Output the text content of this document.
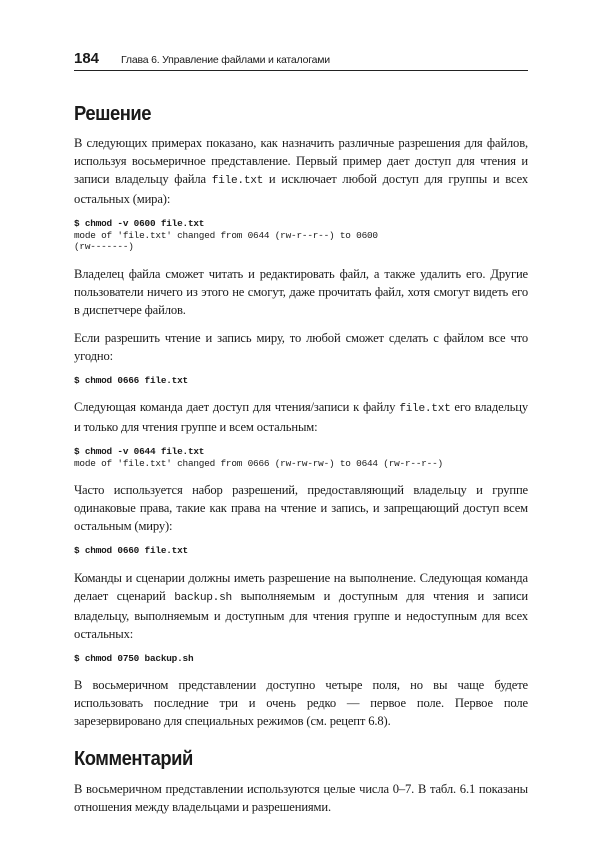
184 Глава 6. Управление файлами и каталогами
Решение

В следующих примерах показано, как назначить различные разрешения для файлов, используя восьмеричное представление. Первый пример дает доступ для чтения и записи владельцу файла file.txt и исключает любой доступ для группы и всех остальных (мира):

$ chmod -v 0600 file.txt
mode of 'file.txt' changed from 0644 (rw-r--r--) to 0600
(rw-------)

Владелец файла сможет читать и редактировать файл, а также удалить его. Другие пользователи ничего из этого не смогут, даже прочитать файл, хотя смогут видеть его в диспетчере файлов.

Если разрешить чтение и запись миру, то любой сможет сделать с файлом все что угодно:

$ chmod 0666 file.txt

Следующая команда дает доступ для чтения/записи к файлу file.txt его владельцу и только для чтения группе и всем остальным:

$ chmod -v 0644 file.txt
mode of 'file.txt' changed from 0666 (rw-rw-rw-) to 0644 (rw-r--r--)

Часто используется набор разрешений, предоставляющий владельцу и группе одинаковые права, такие как права на чтение и запись, и запрещающий доступ всем остальным (миру):

$ chmod 0660 file.txt

Команды и сценарии должны иметь разрешение на выполнение. Следующая команда делает сценарий backup.sh выполняемым и доступным для чтения и записи владельцу, выполняемым и доступным для чтения группе и недоступным для всех остальных:

$ chmod 0750 backup.sh

В восьмеричном представлении доступно четыре поля, но вы чаще будете использовать последние три и очень редко — первое поле. Первое поле зарезервировано для специальных режимов (см. рецепт 6.8).

Комментарий

В восьмеричном представлении используются целые числа 0–7. В табл. 6.1 показаны отношения между владельцами и разрешениями.
